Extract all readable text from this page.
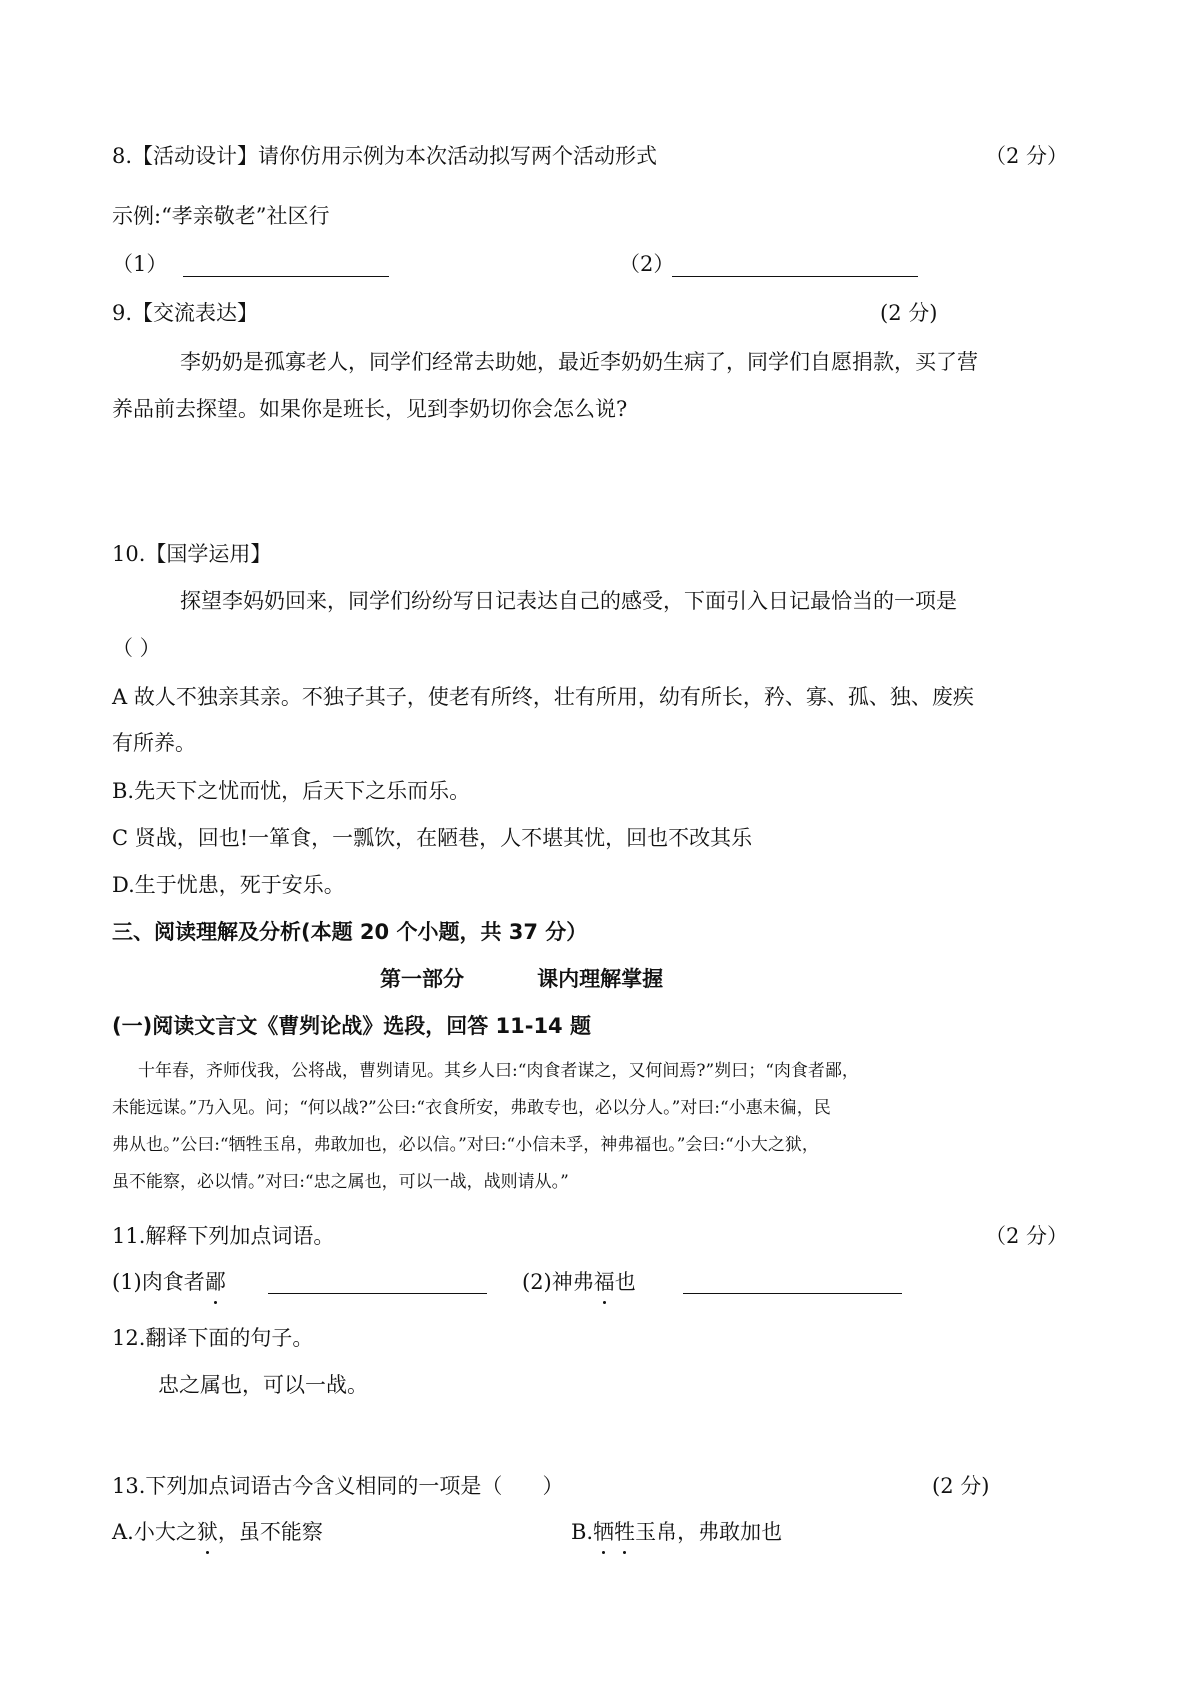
8.【活动设计】请你仿用示例为本次活动拟写两个活动形式	（2 分）

示例:“孝亲敬老”社区行

（1）	（2）

9.【交流表达】	(2 分)

李奶奶是孤寡老人，同学们经常去助她，最近李奶奶生病了，同学们自愿捐款，买了营

养品前去探望。如果你是班长，见到李奶切你会怎么说?

10.【国学运用】

探望李妈奶回来，同学们纷纷写日记表达自己的感受，下面引入日记最恰当的一项是

（ ）

A 故人不独亲其亲。不独子其子，使老有所终，壮有所用，幼有所长，矜、寡、孤、独、废疾

有所养。

B.先天下之忧而忧，后天下之乐而乐。

C 贤战，回也!一箪食，一瓢饮，在陋巷，人不堪其忧，回也不改其乐

D.生于忧患，死于安乐。

三、阅读理解及分析(本题 20 个小题，共 37 分）

第一部分          课内理解掌握

(一)阅读文言文《曹刿论战》选段，回答 11-14 题

十年春，齐师伐我，公将战，曹刿请见。其乡人曰:“肉食者谋之，又何间焉?”刿曰；“肉食者鄙，

未能远谋。”乃入见。问；“何以战?”公曰:“衣食所安，弗敢专也，必以分人。”对曰:“小惠未徧，民

弗从也。”公曰:“牺牲玉帛，弗敢加也，必以信。”对曰:“小信未孚，神弗福也。”会曰:“小大之狱，

虽不能察，必以情。”对曰:“忠之属也，可以一战，战则请从。”

11.解释下列加点词语。	（2 分）

(1)肉食者鄙	(2)神弗福也

12.翻译下面的句子。

忠之属也，可以一战。

13.下列加点词语古今含义相同的一项是（      ）	(2 分)

A.小大之狱，虽不能察	B.牺牲玉帛，弗敢加也
